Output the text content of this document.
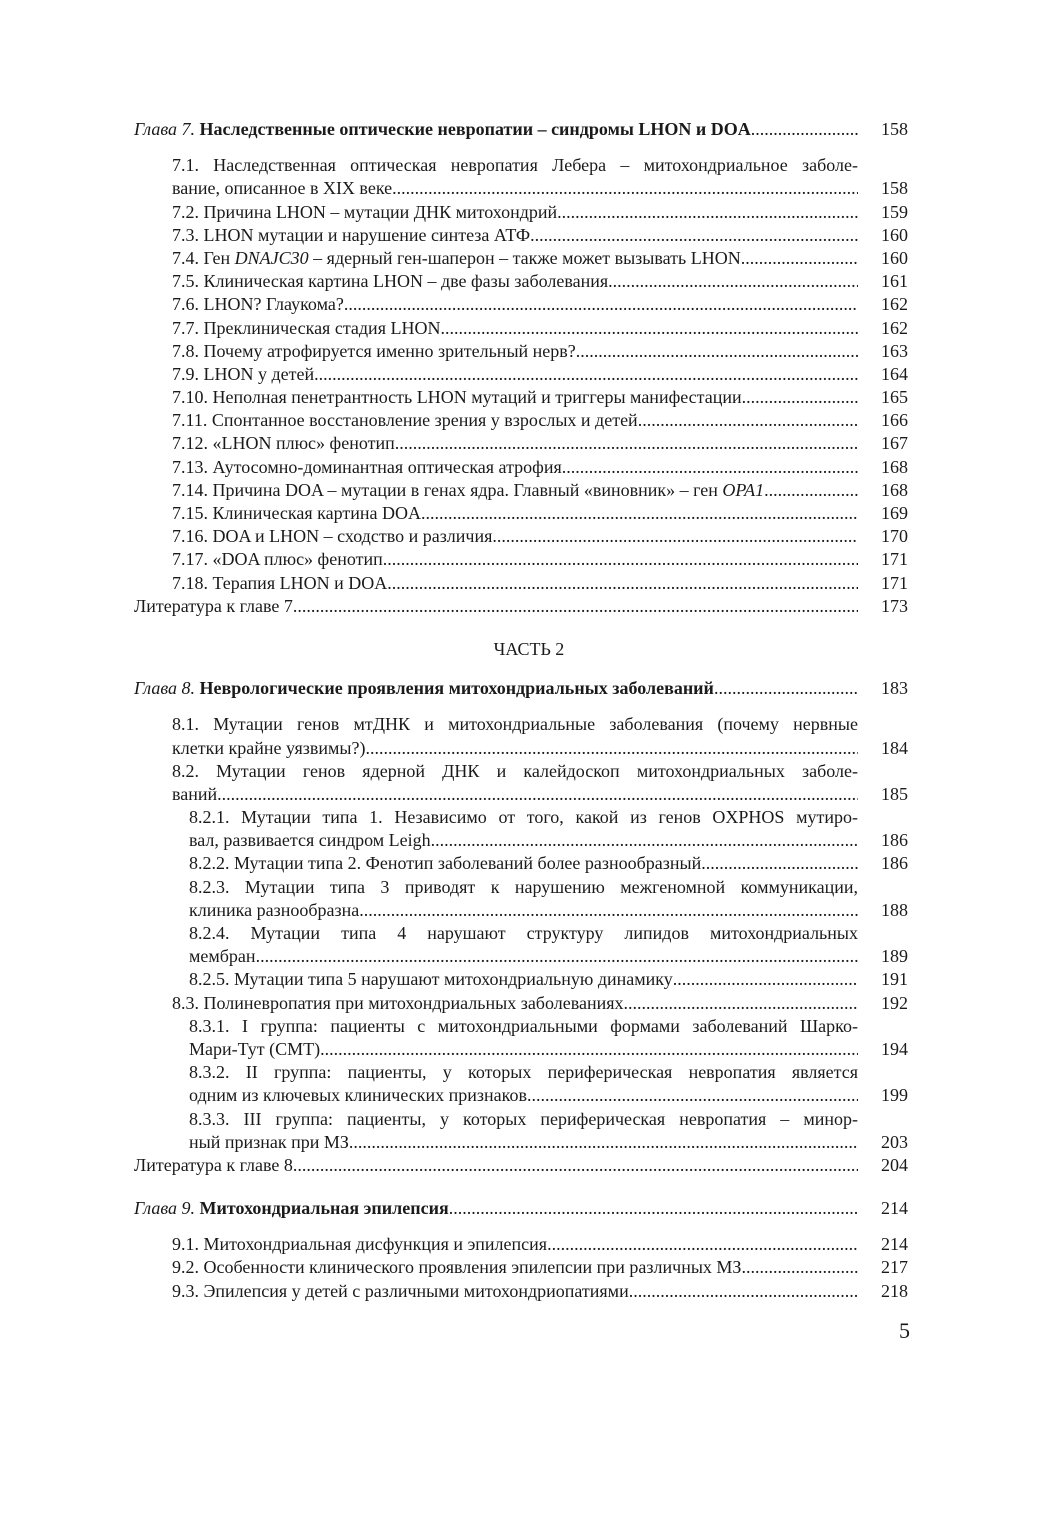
Глава 7. Наследственные оптические невропатии – синдромы LHON и DOA .....	158
7.1. Наследственная оптическая невропатия Лебера – митохондриальное заболе-
вание, описанное в XIX веке .....	158
7.2. Причина LHON – мутации ДНК митохондрий .....	159
7.3. LHON мутации и нарушение синтеза АТФ .....	160
7.4. Ген DNAJC30 – ядерный ген-шаперон – также может вызывать LHON .....	160
7.5. Клиническая картина LHON – две фазы заболевания .....	161
7.6. LHON? Глаукома? .....	162
7.7. Преклиническая стадия LHON .....	162
7.8. Почему атрофируется именно зрительный нерв? .....	163
7.9. LHON у детей .....	164
7.10. Неполная пенетрантность LHON мутаций и триггеры манифестации .....	165
7.11. Спонтанное восстановление зрения у взрослых и детей .....	166
7.12. «LHON плюс» фенотип .....	167
7.13. Аутосомно-доминантная оптическая атрофия .....	168
7.14. Причина DOA – мутации в генах ядра. Главный «виновник» – ген OPA1 .....	168
7.15. Клиническая картина DOA .....	169
7.16. DOA и LHON – сходство и различия .....	170
7.17. «DOA плюс» фенотип .....	171
7.18. Терапия LHON и DOA .....	171
Литература к главе 7 .....	173
ЧАСТЬ 2
Глава 8. Неврологические проявления митохондриальных заболеваний .....	183
8.1. Мутации генов мтДНК и митохондриальные заболевания (почему нервные
клетки крайне уязвимы?) .....	184
8.2. Мутации генов ядерной ДНК и калейдоскоп митохондриальных заболе-
ваний .....	185
8.2.1. Мутации типа 1. Независимо от того, какой из генов OXPHOS мутиро-
вал, развивается синдром Leigh .....	186
8.2.2. Мутации типа 2. Фенотип заболеваний более разнообразный .....	186
8.2.3. Мутации типа 3 приводят к нарушению межгеномной коммуникации,
клиника разнообразна .....	188
8.2.4. Мутации типа 4 нарушают структуру липидов митохондриальных
мембран .....	189
8.2.5. Мутации типа 5 нарушают митохондриальную динамику .....	191
8.3. Полиневропатия при митохондриальных заболеваниях .....	192
8.3.1. I группа: пациенты с митохондриальными формами заболеваний Шарко-
Мари-Тут (CMT) .....	194
8.3.2. II группа: пациенты, у которых периферическая невропатия является
одним из ключевых клинических признаков .....	199
8.3.3. III группа: пациенты, у которых периферическая невропатия – минор-
ный признак при МЗ .....	203
Литература к главе 8 .....	204
Глава 9. Митохондриальная эпилепсия .....	214
9.1. Митохондриальная дисфункция и эпилепсия .....	214
9.2. Особенности клинического проявления эпилепсии при различных МЗ .....	217
9.3. Эпилепсия у детей с различными митохондриопатиями .....	218
5
